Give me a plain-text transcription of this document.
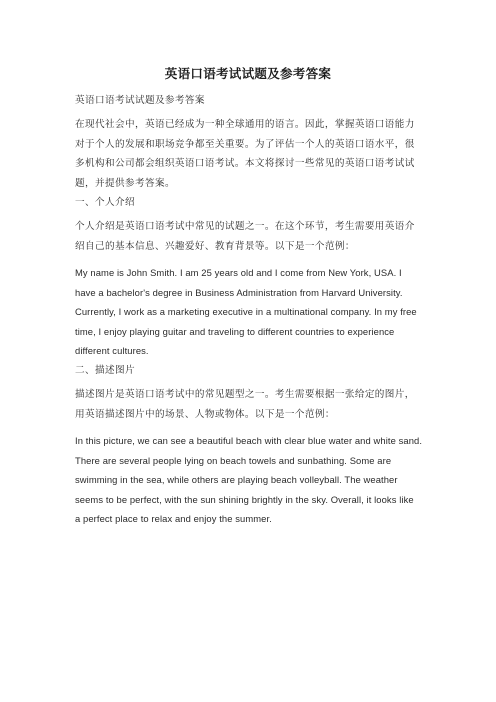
英语口语考试试题及参考答案
英语口语考试试题及参考答案
在现代社会中，英语已经成为一种全球通用的语言。因此，掌握英语口语能力
对于个人的发展和职场竞争都至关重要。为了评估一个人的英语口语水平，很
多机构和公司都会组织英语口语考试。本文将探讨一些常见的英语口语考试试
题，并提供参考答案。
一、个人介绍
个人介绍是英语口语考试中常见的试题之一。在这个环节，考生需要用英语介
绍自己的基本信息、兴趣爱好、教育背景等。以下是一个范例：
My name is John Smith. I am 25 years old and I come from New York, USA. I
have a bachelor's degree in Business Administration from Harvard University.
Currently, I work as a marketing executive in a multinational company. In my free
time, I enjoy playing guitar and traveling to different countries to experience
different cultures.
二、描述图片
描述图片是英语口语考试中的常见题型之一。考生需要根据一张给定的图片，
用英语描述图片中的场景、人物或物体。以下是一个范例：
In this picture, we can see a beautiful beach with clear blue water and white sand.
There are several people lying on beach towels and sunbathing. Some are
swimming in the sea, while others are playing beach volleyball. The weather
seems to be perfect, with the sun shining brightly in the sky. Overall, it looks like
a perfect place to relax and enjoy the summer.
